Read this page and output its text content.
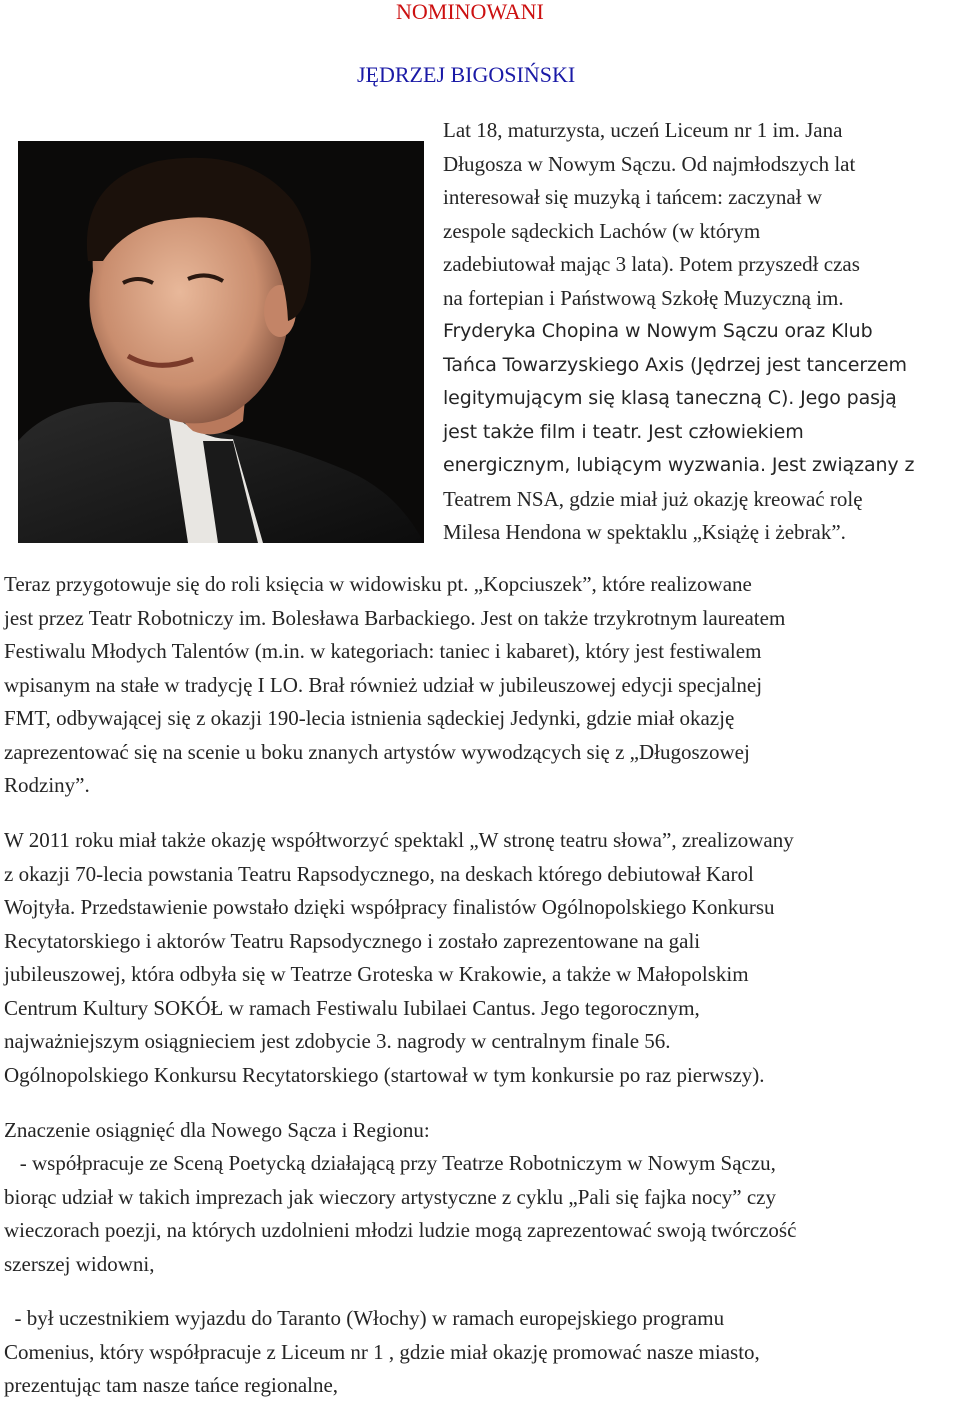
NOMINOWANI
JĘDRZEJ BIGOSIŃSKI

Lat 18, maturzysta, uczeń Liceum nr 1 im. Jana
Długosza w Nowym Sączu. Od najmłodszych lat
interesował się muzyką i tańcem: zaczynał w
zespole sądeckich Lachów (w którym
zadebiutował mając 3 lata). Potem przyszedł czas
na fortepian i Państwową Szkołę Muzyczną im.
Fryderyka Chopina w Nowym Sączu oraz Klub
Tańca Towarzyskiego Axis (Jędrzej jest tancerzem
legitymującym się klasą taneczną C). Jego pasją
jest także film i teatr. Jest człowiekiem
energicznym, lubiącym wyzwania. Jest związany z
Teatrem NSA, gdzie miał już okazję kreować rolę
Milesa Hendona w spektaklu „Książę i żebrak”.

Teraz przygotowuje się do roli księcia w widowisku pt. „Kopciuszek”, które realizowane
jest przez Teatr Robotniczy im. Bolesława Barbackiego. Jest on także trzykrotnym laureatem
Festiwalu Młodych Talentów (m.in. w kategoriach: taniec i kabaret), który jest festiwalem
wpisanym na stałe w tradycję I LO. Brał również udział w jubileuszowej edycji specjalnej
FMT, odbywającej się z okazji 190-lecia istnienia sądeckiej Jedynki, gdzie miał okazję
zaprezentować się na scenie u boku znanych artystów wywodzących się z „Długoszowej
Rodziny”.

W 2011 roku miał także okazję współtworzyć spektakl „W stronę teatru słowa”, zrealizowany
z okazji 70-lecia powstania Teatru Rapsodycznego, na deskach którego debiutował Karol
Wojtyła. Przedstawienie powstało dzięki współpracy finalistów Ogólnopolskiego Konkursu
Recytatorskiego i aktorów Teatru Rapsodycznego i zostało zaprezentowane na gali
jubileuszowej, która odbyła się w Teatrze Groteska w Krakowie, a także w Małopolskim
Centrum Kultury SOKÓŁ w ramach Festiwalu Iubilaei Cantus. Jego tegorocznym,
najważniejszym osiągnieciem jest zdobycie 3. nagrody w centralnym finale 56.
Ogólnopolskiego Konkursu Recytatorskiego (startował w tym konkursie po raz pierwszy).

Znaczenie osiągnięć dla Nowego Sącza i Regionu:

- współpracuje ze Sceną Poetycką działającą przy Teatrze Robotniczym w Nowym Sączu,
biorąc udział w takich imprezach jak wieczory artystyczne z cyklu „Pali się fajka nocy” czy
wieczorach poezji, na których uzdolnieni młodzi ludzie mogą zaprezentować swoją twórczość
szerszej widowni,

- był uczestnikiem wyjazdu do Taranto (Włochy) w ramach europejskiego programu
Comenius, który współpracuje z Liceum nr 1 , gdzie miał okazję promować nasze miasto,
prezentując tam nasze tańce regionalne,
